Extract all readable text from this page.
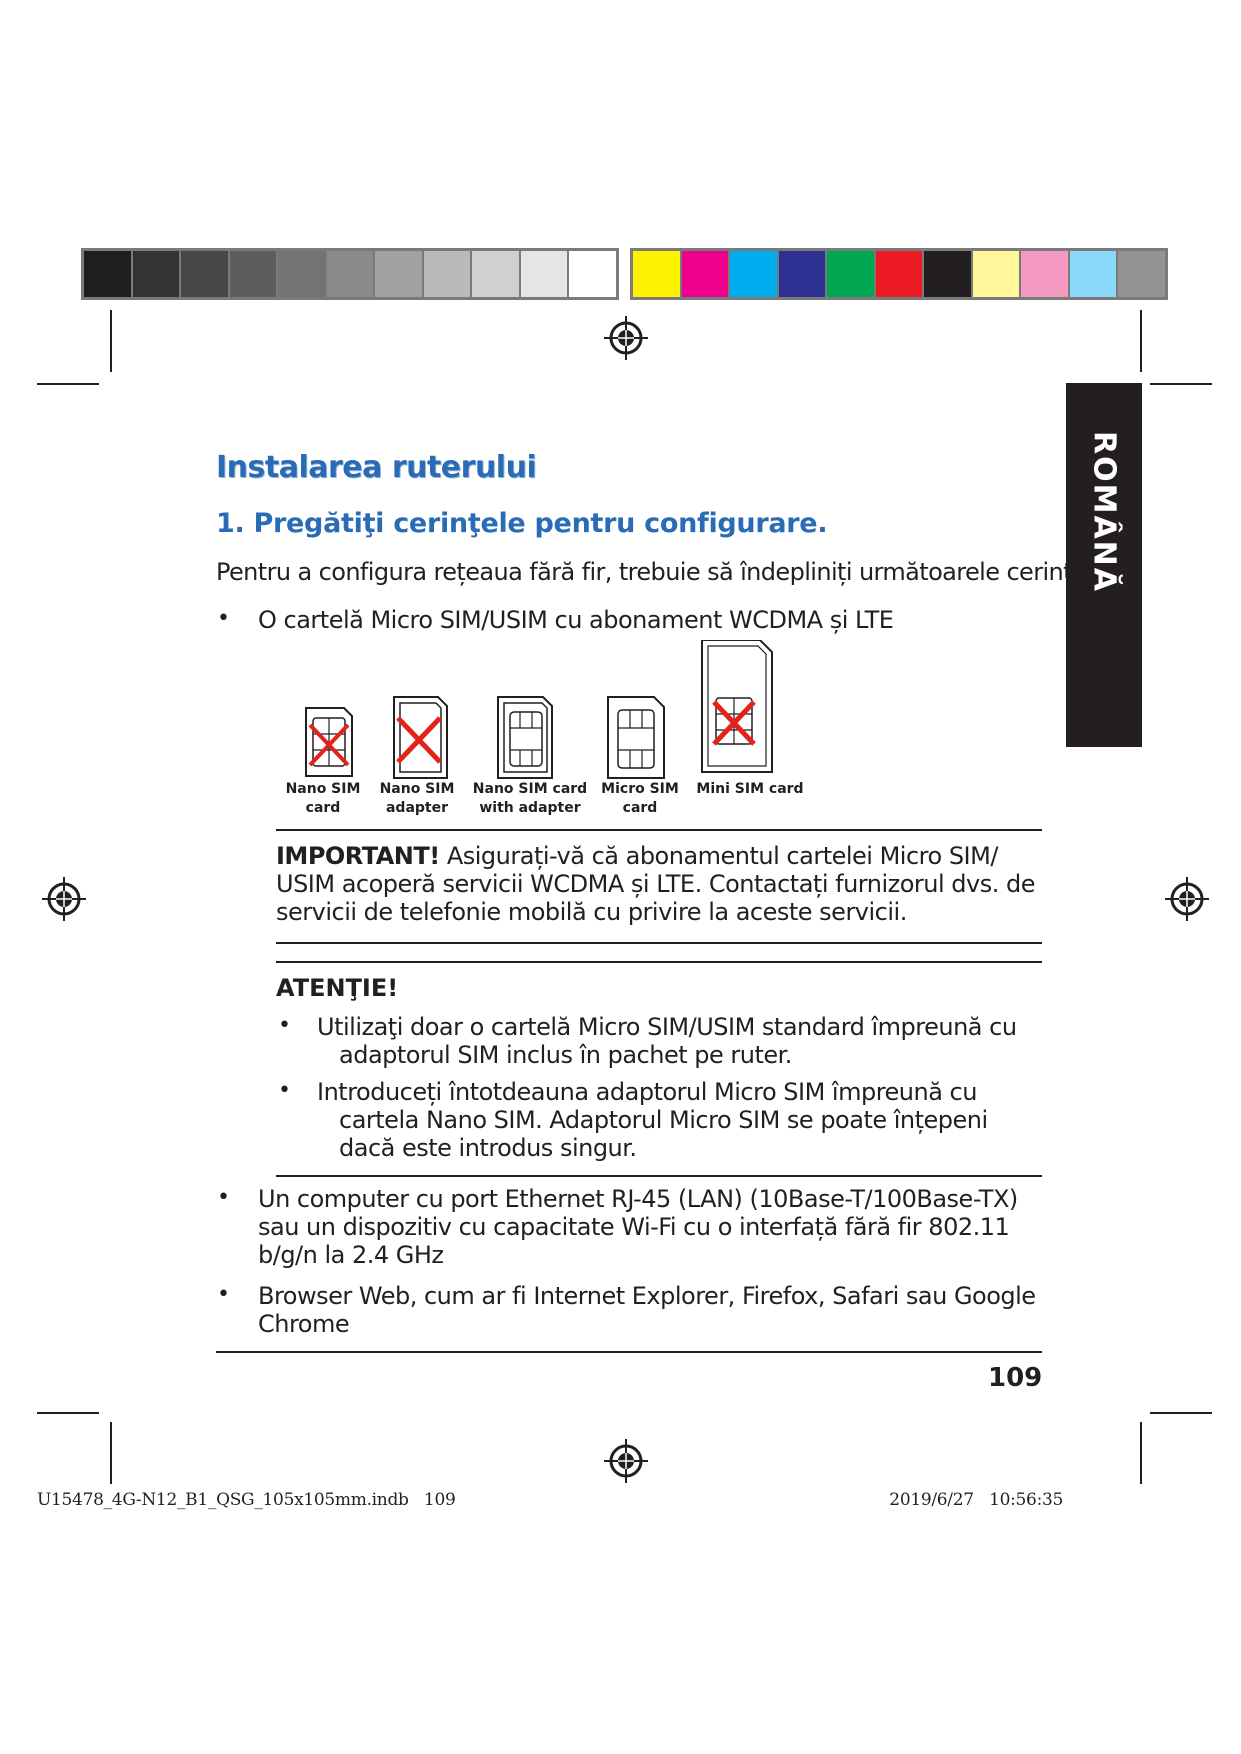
ROMÂNĂ
Instalarea ruterului
1. Pregătiţi cerinţele pentru configurare.
Pentru a configura rețeaua fără fir, trebuie să îndepliniți următoarele cerințe:
• O cartelă Micro SIM/USIM cu abonament WCDMA și LTE
Nano SIM
card
Nano SIM
adapter
Nano SIM card
with adapter
Micro SIM
card
Mini SIM card
IMPORTANT! Asigurați-vă că abonamentul cartelei Micro SIM/
USIM acoperă servicii WCDMA și LTE. Contactați furnizorul dvs. de
servicii de telefonie mobilă cu privire la aceste servicii.
ATENŢIE!
• Utilizaţi doar o cartelă Micro SIM/USIM standard împreună cu
adaptorul SIM inclus în pachet pe ruter.
• Introduceți întotdeauna adaptorul Micro SIM împreună cu
cartela Nano SIM. Adaptorul Micro SIM se poate înțepeni
dacă este introdus singur.
• Un computer cu port Ethernet RJ-45 (LAN) (10Base-T/100Base-TX)
sau un dispozitiv cu capacitate Wi-Fi cu o interfață fără fir 802.11
b/g/n la 2.4 GHz
• Browser Web, cum ar fi Internet Explorer, Firefox, Safari sau Google
Chrome
109
U15478_4G-N12_B1_QSG_105x105mm.indb   109                                                                                     2019/6/27   10:56:35
